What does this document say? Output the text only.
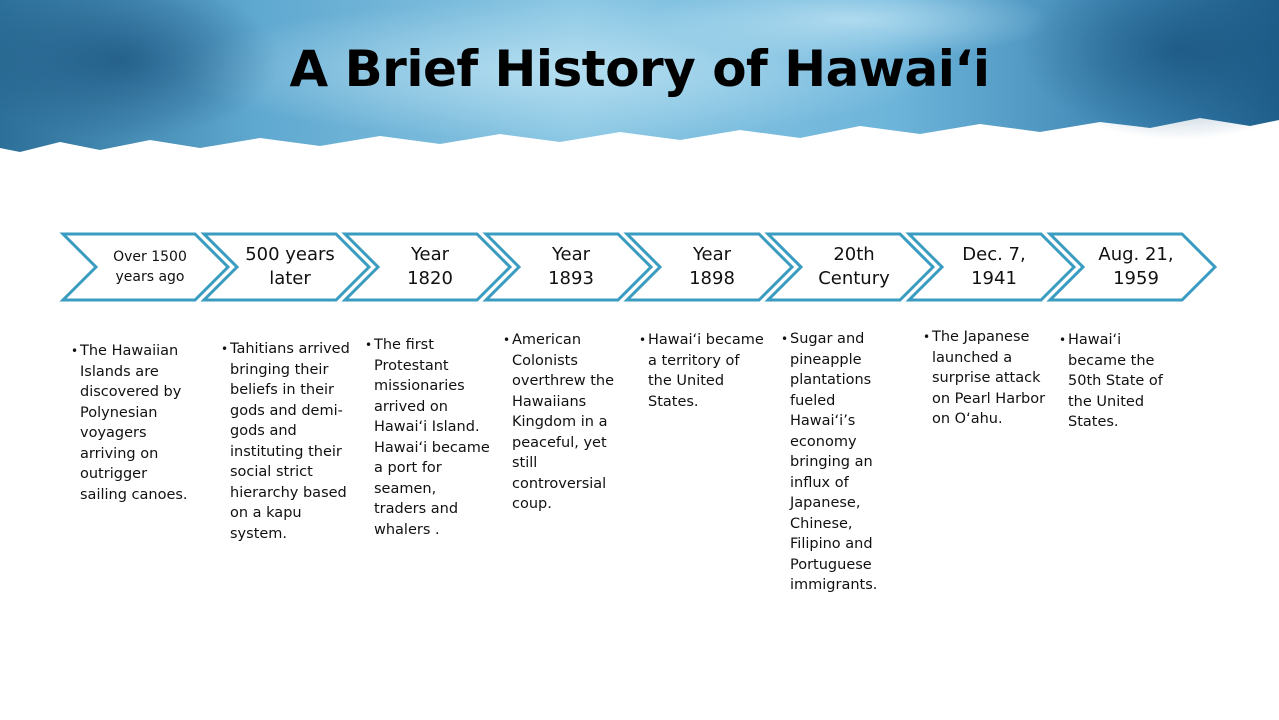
A Brief History of Hawai‘i
Over 1500 years ago
500 years later
Year 1820
Year 1893
Year 1898
20th Century
Dec. 7, 1941
Aug. 21, 1959
• The Hawaiian Islands are discovered by Polynesian voyagers arriving on outrigger sailing canoes.
• Tahitians arrived bringing their beliefs in their gods and demi-gods and instituting their social strict hierarchy based on a kapu system.
• The first Protestant missionaries arrived on Hawai‘i Island. Hawai‘i became a port for seamen, traders and whalers .
• American Colonists overthrew the Hawaiians Kingdom in a peaceful, yet still controversial coup.
• Hawai‘i became a territory of the United States.
• Sugar and pineapple plantations fueled Hawai‘i’s economy bringing an influx of Japanese, Chinese, Filipino and Portuguese immigrants.
• The Japanese launched a surprise attack on Pearl Harbor on O‘ahu.
• Hawai‘i became the 50th State of the United States.
